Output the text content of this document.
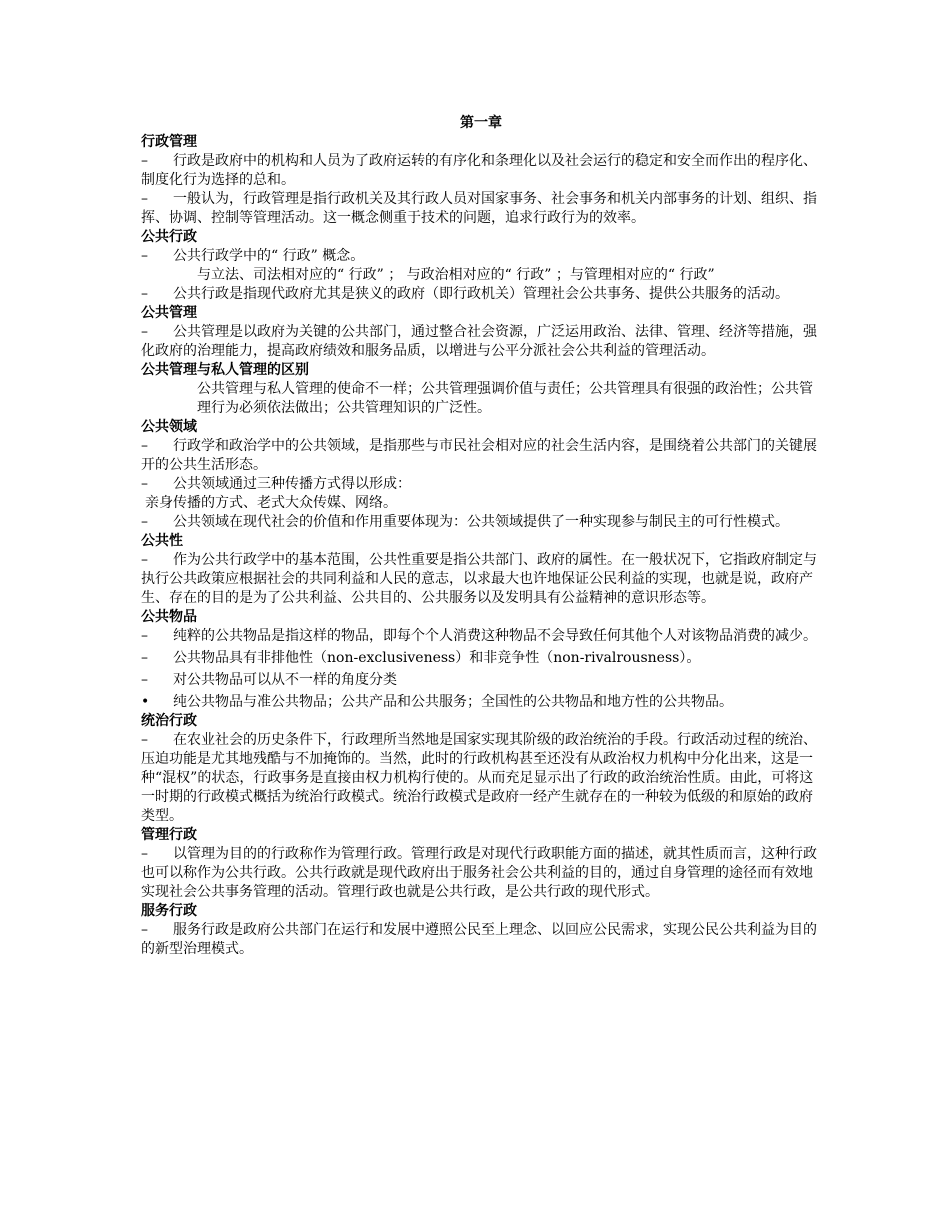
第一章

行政管理

– 行政是政府中的机构和人员为了政府运转的有序化和条理化以及社会运行的稳定和安全而作出的程序化、制度化行为选择的总和。

– 一般认为，行政管理是指行政机关及其行政人员对国家事务、社会事务和机关内部事务的计划、组织、指挥、协调、控制等管理活动。这一概念侧重于技术的问题，追求行政行为的效率。

公共行政

– 公共行政学中的“ 行政” 概念。

与立法、司法相对应的“ 行政” ； 与政治相对应的“ 行政” ；与管理相对应的“ 行政”

– 公共行政是指现代政府尤其是狭义的政府（即行政机关）管理社会公共事务、提供公共服务的活动。

公共管理

– 公共管理是以政府为关键的公共部门，通过整合社会资源，广泛运用政治、法律、管理、经济等措施，强化政府的治理能力，提高政府绩效和服务品质，以增进与公平分派社会公共利益的管理活动。

公共管理与私人管理的区别

公共管理与私人管理的使命不一样；公共管理强调价值与责任；公共管理具有很强的政治性；公共管理行为必须依法做出；公共管理知识的广泛性。

公共领域

– 行政学和政治学中的公共领域，是指那些与市民社会相对应的社会生活内容，是围绕着公共部门的关键展开的公共生活形态。

– 公共领域通过三种传播方式得以形成：

亲身传播的方式、老式大众传媒、网络。

– 公共领域在现代社会的价值和作用重要体现为：公共领域提供了一种实现参与制民主的可行性模式。

公共性

– 作为公共行政学中的基本范围，公共性重要是指公共部门、政府的属性。在一般状况下，它指政府制定与执行公共政策应根据社会的共同利益和人民的意志，以求最大也许地保证公民利益的实现，也就是说，政府产生、存在的目的是为了公共利益、公共目的、公共服务以及发明具有公益精神的意识形态等。

公共物品

– 纯粹的公共物品是指这样的物品，即每个个人消费这种物品不会导致任何其他个人对该物品消费的减少。

– 公共物品具有非排他性（non-exclusiveness）和非竞争性（non-rivalrousness）。

– 对公共物品可以从不一样的角度分类

• 纯公共物品与准公共物品；公共产品和公共服务；全国性的公共物品和地方性的公共物品。

统治行政

– 在农业社会的历史条件下，行政理所当然地是国家实现其阶级的政治统治的手段。行政活动过程的统治、压迫功能是尤其地残酷与不加掩饰的。当然，此时的行政机构甚至还没有从政治权力机构中分化出来，这是一种“混权”的状态，行政事务是直接由权力机构行使的。从而充足显示出了行政的政治统治性质。由此，可将这一时期的行政模式概括为统治行政模式。统治行政模式是政府一经产生就存在的一种较为低级的和原始的政府类型。

管理行政

– 以管理为目的的行政称作为管理行政。管理行政是对现代行政职能方面的描述，就其性质而言，这种行政也可以称作为公共行政。公共行政就是现代政府出于服务社会公共利益的目的，通过自身管理的途径而有效地实现社会公共事务管理的活动。管理行政也就是公共行政，是公共行政的现代形式。

服务行政

– 服务行政是政府公共部门在运行和发展中遵照公民至上理念、以回应公民需求，实现公民公共利益为目的的新型治理模式。
